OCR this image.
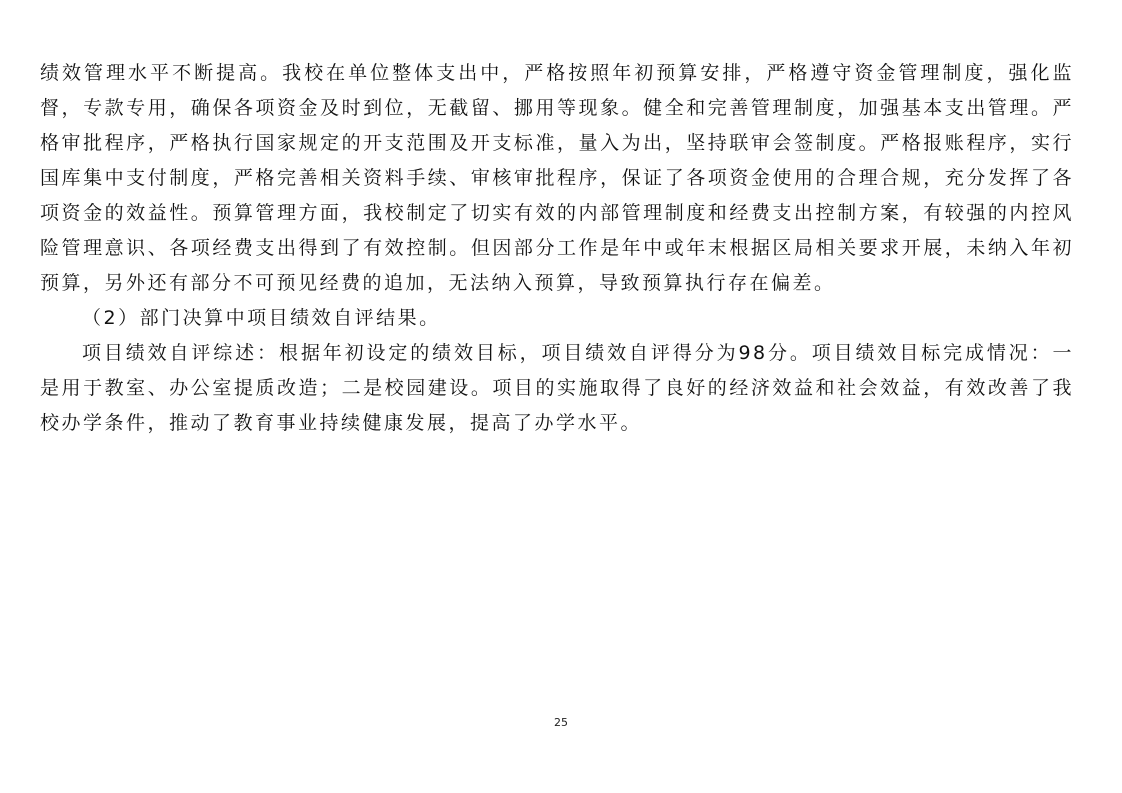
绩效管理水平不断提高。我校在单位整体支出中，严格按照年初预算安排，严格遵守资金管理制度，强化监督，专款专用，确保各项资金及时到位，无截留、挪用等现象。健全和完善管理制度，加强基本支出管理。严格审批程序，严格执行国家规定的开支范围及开支标准，量入为出，坚持联审会签制度。严格报账程序，实行国库集中支付制度，严格完善相关资料手续、审核审批程序，保证了各项资金使用的合理合规，充分发挥了各项资金的效益性。预算管理方面，我校制定了切实有效的内部管理制度和经费支出控制方案，有较强的内控风险管理意识、各项经费支出得到了有效控制。但因部分工作是年中或年末根据区局相关要求开展，未纳入年初预算，另外还有部分不可预见经费的追加，无法纳入预算，导致预算执行存在偏差。

（2）部门决算中项目绩效自评结果。

项目绩效自评综述：根据年初设定的绩效目标，项目绩效自评得分为98分。项目绩效目标完成情况：一是用于教室、办公室提质改造；二是校园建设。项目的实施取得了良好的经济效益和社会效益，有效改善了我校办学条件，推动了教育事业持续健康发展，提高了办学水平。

25
